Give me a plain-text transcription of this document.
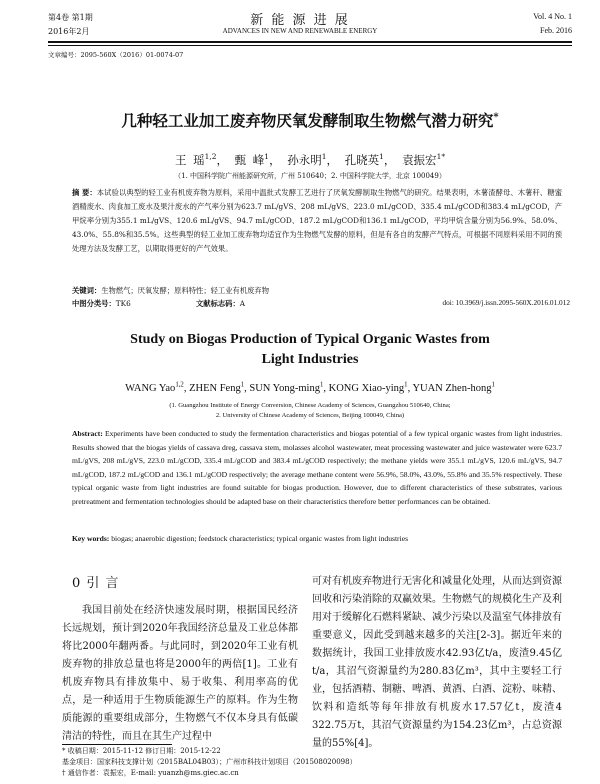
第4卷 第1期
2016年2月
新 能 源 进 展
ADVANCES IN NEW AND RENEWABLE ENERGY
Vol. 4 No. 1
Feb. 2016
文章编号：2095-560X（2016）01-0074-07
几种轻工业加工废弃物厌氧发酵制取生物燃气潜力研究*
王 瑶$^{1,2}$， 甄 峰$^1$， 孙永明$^1$， 孔晓英$^1$， 袁振宏$^{1*}$
（1. 中国科学院广州能源研究所，广州 510640；2. 中国科学院大学，北京 100049）
摘 要：本试验以典型的轻工业有机废弃物为原料，采用中温批式发酵工艺进行了厌氧发酵制取生物燃气的研究。结果表明，木薯渣酵母、木薯秆、糖蜜酒精废水、肉食加工废水及果汁废水的产气率分别为623.7 mL/gVS、208 mL/gVS、223.0 mL/gCOD、335.4 mL/gCOD和383.4 mL/gCOD，产甲烷率分别为355.1 mL/gVS、120.6 mL/gVS、94.7 mL/gCOD、187.2 mL/gCOD和136.1 mL/gCOD，平均甲烷含量分别为56.9%、58.0%、43.0%、55.8%和35.5%。这些典型的轻工业加工废弃物均适宜作为生物燃气发酵的原料，但是有各自的发酵产气特点，可根据不同原料采用不同的预处理方法及发酵工艺，以期取得更好的产气效果。
关键词：生物燃气；厌氧发酵；原料特性；轻工业有机废弃物
中图分类号：TK6	文献标志码：A	doi: 10.3969/j.issn.2095-560X.2016.01.012
Study on Biogas Production of Typical Organic Wastes from
Light Industries
WANG Yao$^{1,2}$, ZHEN Feng$^1$, SUN Yong-ming$^1$, KONG Xiao-ying$^1$, YUAN Zhen-hong$^1$
(1. Guangzhou Institute of Energy Conversion, Chinese Academy of Sciences, Guangzhou 510640, China;
2. University of Chinese Academy of Sciences, Beijing 100049, China)
Abstract: Experiments have been conducted to study the fermentation characteristics and biogas potential of a few typical organic wastes from light industries. Results showed that the biogas yields of cassava dreg, cassava stem, molasses alcohol wastewater, meat processing wastewater and juice wastewater were 623.7 mL/gVS, 208 mL/gVS, 223.0 mL/gCOD, 335.4 mL/gCOD and 383.4 mL/gCOD respectively; the methane yields were 355.1 mL/gVS, 120.6 mL/gVS, 94.7 mL/gCOD, 187.2 mL/gCOD and 136.1 mL/gCOD respectively; the average methane content were 56.9%, 58.0%, 43.0%, 55.8% and 35.5% respectively. These typical organic waste from light industries are found suitable for biogas production. However, due to different characteristics of these substrates, various pretreatment and fermentation technologies should be adapted base on their characteristics therefore better performances can be obtained.
Key words: biogas; anaerobic digestion; feedstock characteristics; typical organic wastes from light industries
0 引 言
我国目前处在经济快速发展时期，根据国民经济长远规划，预计到2020年我国经济总量及工业总体都将比2000年翻两番。与此同时，到2020年工业有机废弃物的排放总量也将是2000年的两倍[1]。工业有机废弃物具有排放集中、易于收集、利用率高的优点，是一种适用于生物质能源生产的原料。作为生物质能源的重要组成部分，生物燃气不仅本身具有低碳清洁的特性，而且在其生产过程中
可对有机废弃物进行无害化和减量化处理，从而达到资源回收和污染消除的双赢效果。生物燃气的规模化生产及利用对于缓解化石燃料紧缺、减少污染以及温室气体排放有重要意义，因此受到越来越多的关注[2-3]。据近年来的数据统计，我国工业排放废水42.93亿t/a，废渣9.45亿t/a，其沼气资源量约为280.83亿m³，其中主要轻工行业，包括酒精、制糖、啤酒、黄酒、白酒、淀粉、味精、饮料和造纸等每年排放有机废水17.57亿t，废渣4 322.75万t，其沼气资源量约为154.23亿m³，占总资源量的55%[4]。
* 收稿日期：2015-11-12 修订日期：2015-12-22
基金项目：国家科技支撑计划（2015BAL04B03）；广州市科技计划项目（201508020098）
† 通信作者：袁振宏，E-mail: yuanzh@ms.giec.ac.cn
